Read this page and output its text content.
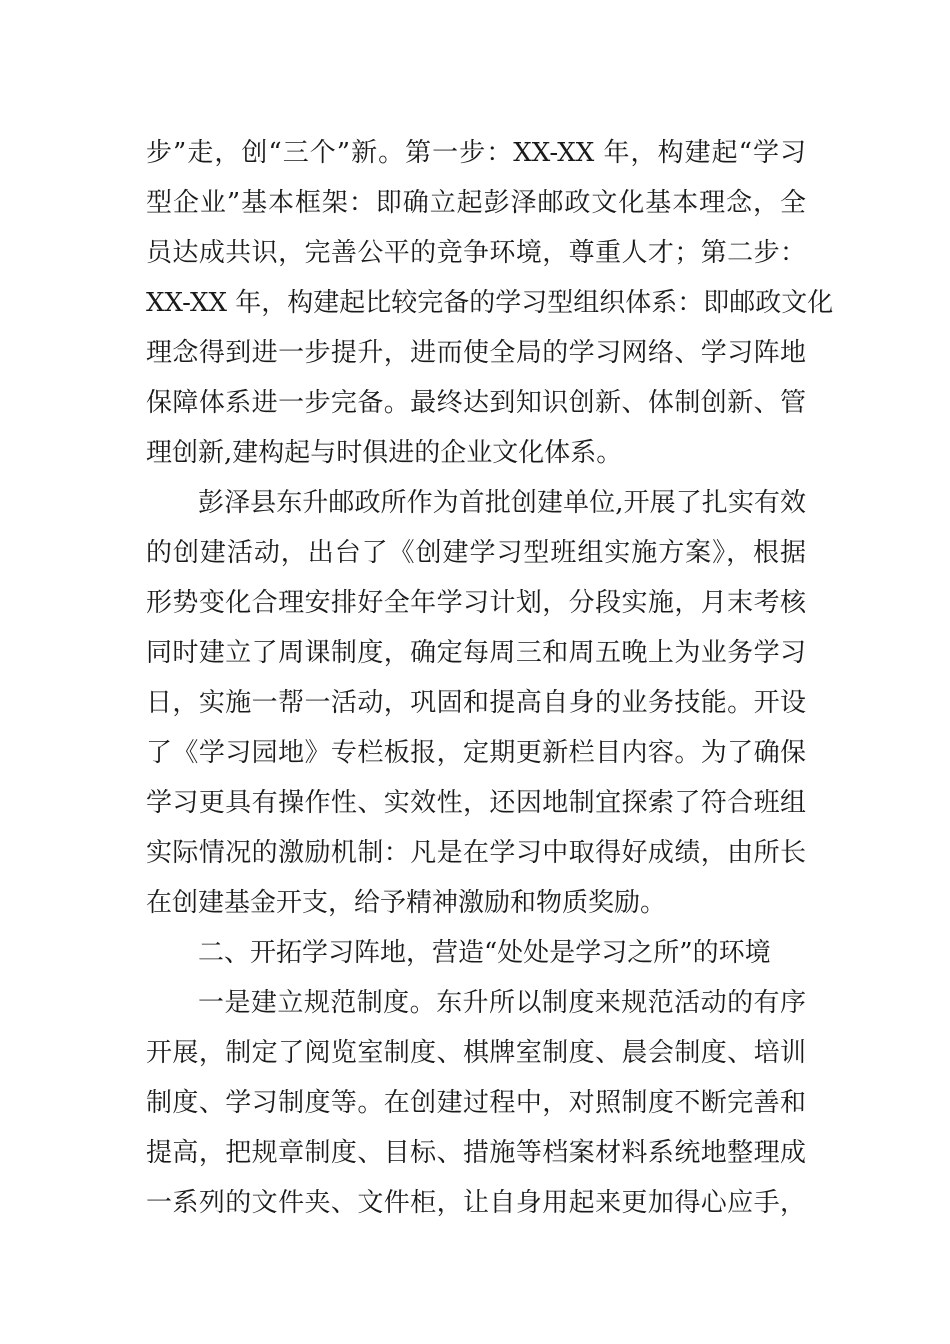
步”走，创“三个”新。第一步：XX-XX 年，构建起“学习
型企业”基本框架：即确立起彭泽邮政文化基本理念，全
员达成共识，完善公平的竞争环境，尊重人才；第二步：
XX-XX 年，构建起比较完备的学习型组织体系：即邮政文化
理念得到进一步提升，进而使全局的学习网络、学习阵地
保障体系进一步完备。最终达到知识创新、体制创新、管
理创新,建构起与时俱进的企业文化体系。
彭泽县东升邮政所作为首批创建单位,开展了扎实有效
的创建活动，出台了《创建学习型班组实施方案》，根据
形势变化合理安排好全年学习计划，分段实施，月末考核
同时建立了周课制度，确定每周三和周五晚上为业务学习
日，实施一帮一活动，巩固和提高自身的业务技能。开设
了《学习园地》专栏板报，定期更新栏目内容。为了确保
学习更具有操作性、实效性，还因地制宜探索了符合班组
实际情况的激励机制：凡是在学习中取得好成绩，由所长
在创建基金开支，给予精神激励和物质奖励。
二、开拓学习阵地，营造“处处是学习之所”的环境
一是建立规范制度。东升所以制度来规范活动的有序
开展，制定了阅览室制度、棋牌室制度、晨会制度、培训
制度、学习制度等。在创建过程中，对照制度不断完善和
提高，把规章制度、目标、措施等档案材料系统地整理成
一系列的文件夹、文件柜，让自身用起来更加得心应手，
